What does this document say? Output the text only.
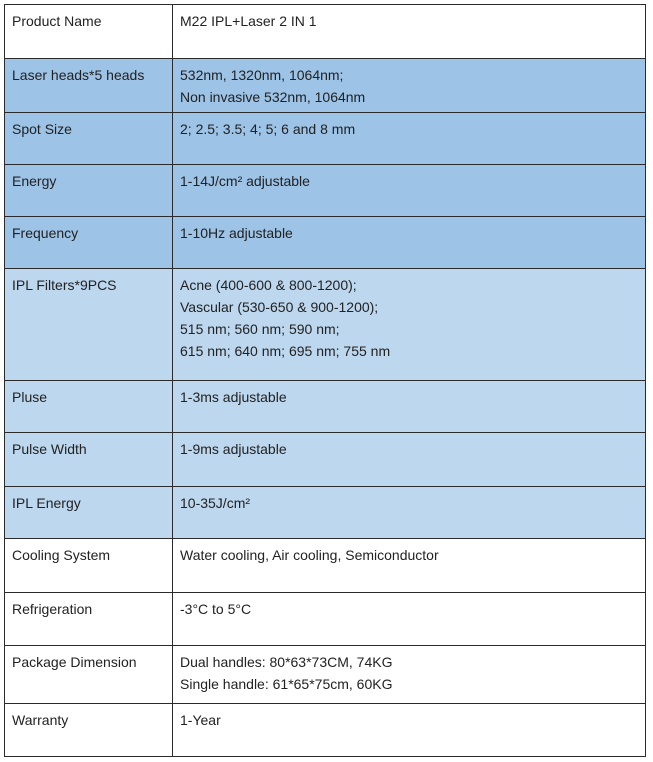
Product Name	M22 IPL+Laser 2 IN 1

Laser heads*5 heads	532nm, 1320nm, 1064nm;
Non invasive 532nm, 1064nm

Spot Size	2; 2.5; 3.5; 4; 5; 6 and 8 mm

Energy	1-14J/cm² adjustable

Frequency	1-10Hz adjustable

IPL Filters*9PCS	Acne (400-600 & 800-1200);
Vascular (530-650 & 900-1200);
515 nm; 560 nm; 590 nm;
615 nm; 640 nm; 695 nm; 755 nm

Pluse	1-3ms adjustable

Pulse Width	1-9ms adjustable

IPL Energy	10-35J/cm²

Cooling System	Water cooling, Air cooling, Semiconductor

Refrigeration	-3°C to 5°C

Package Dimension	Dual handles: 80*63*73CM, 74KG
Single handle: 61*65*75cm, 60KG

Warranty	1-Year
